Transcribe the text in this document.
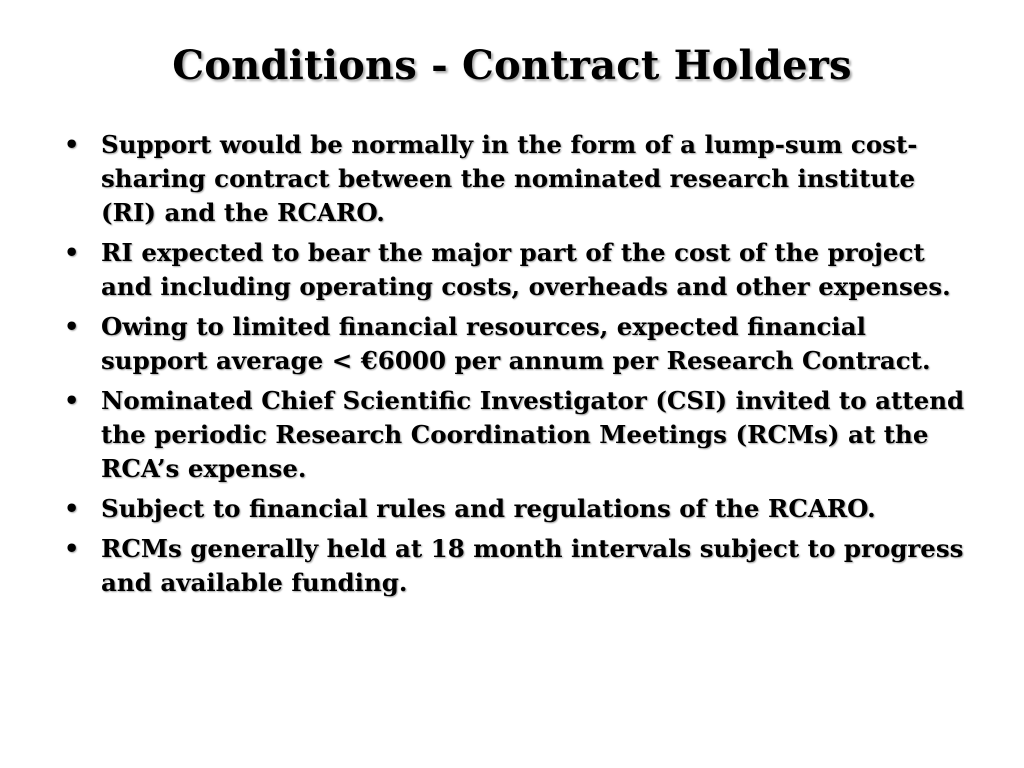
Conditions - Contract Holders
• Support would be normally in the form of a lump-sum cost-sharing contract between the nominated research institute (RI) and the RCARO.
• RI expected to bear the major part of the cost of the project and including operating costs, overheads and other expenses.
• Owing to limited financial resources, expected financial support average < €6000 per annum per Research Contract.
• Nominated Chief Scientific Investigator (CSI) invited to attend the periodic Research Coordination Meetings (RCMs) at the RCA’s expense.
• Subject to financial rules and regulations of the RCARO.
• RCMs generally held at 18 month intervals subject to progress and available funding.
